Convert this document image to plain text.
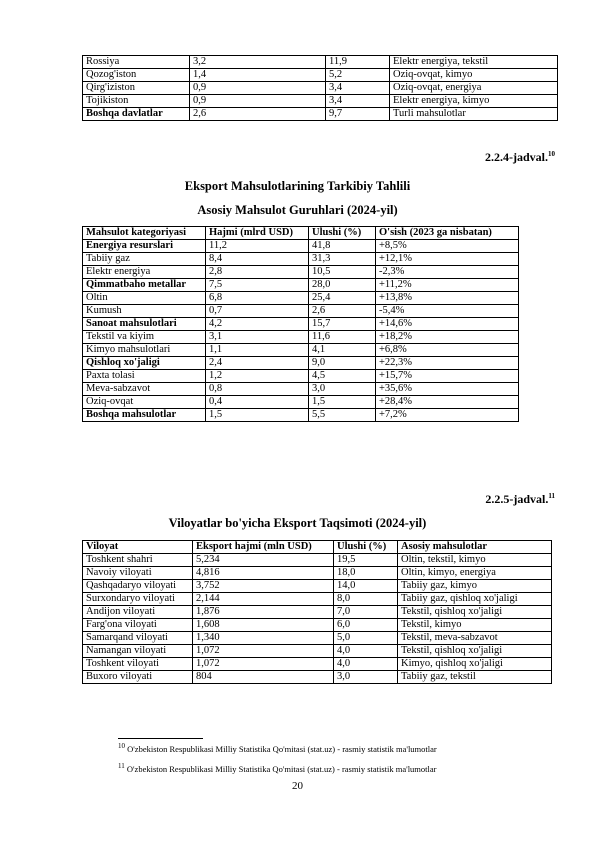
Rossiya	3,2	11,9	Elektr energiya, tekstil
Qozog'iston	1,4	5,2	Oziq-ovqat, kimyo
Qirg'iziston	0,9	3,4	Oziq-ovqat, energiya
Tojikiston	0,9	3,4	Elektr energiya, kimyo
Boshqa davlatlar	2,6	9,7	Turli mahsulotlar
2.2.4-jadval.$^{10}$
Eksport Mahsulotlarining Tarkibiy Tahlili
Asosiy Mahsulot Guruhlari (2024-yil)
Mahsulot kategoriyasi	Hajmi (mlrd USD)	Ulushi (%)	O'sish (2023 ga nisbatan)
Energiya resurslari	11,2	41,8	+8,5%
Tabiiy gaz	8,4	31,3	+12,1%
Elektr energiya	2,8	10,5	-2,3%
Qimmatbaho metallar	7,5	28,0	+11,2%
Oltin	6,8	25,4	+13,8%
Kumush	0,7	2,6	-5,4%
Sanoat mahsulotlari	4,2	15,7	+14,6%
Tekstil va kiyim	3,1	11,6	+18,2%
Kimyo mahsulotlari	1,1	4,1	+6,8%
Qishloq xo'jaligi	2,4	9,0	+22,3%
Paxta tolasi	1,2	4,5	+15,7%
Meva-sabzavot	0,8	3,0	+35,6%
Oziq-ovqat	0,4	1,5	+28,4%
Boshqa mahsulotlar	1,5	5,5	+7,2%
2.2.5-jadval.$^{11}$
Viloyatlar bo'yicha Eksport Taqsimoti (2024-yil)
Viloyat	Eksport hajmi (mln USD)	Ulushi (%)	Asosiy mahsulotlar
Toshkent shahri	5,234	19,5	Oltin, tekstil, kimyo
Navoiy viloyati	4,816	18,0	Oltin, kimyo, energiya
Qashqadaryo viloyati	3,752	14,0	Tabiiy gaz, kimyo
Surxondaryo viloyati	2,144	8,0	Tabiiy gaz, qishloq xo'jaligi
Andijon viloyati	1,876	7,0	Tekstil, qishloq xo'jaligi
Farg'ona viloyati	1,608	6,0	Tekstil, kimyo
Samarqand viloyati	1,340	5,0	Tekstil, meva-sabzavot
Namangan viloyati	1,072	4,0	Tekstil, qishloq xo'jaligi
Toshkent viloyati	1,072	4,0	Kimyo, qishloq xo'jaligi
Buxoro viloyati	804	3,0	Tabiiy gaz, tekstil
$^{10}$ O'zbekiston Respublikasi Milliy Statistika Qo'mitasi (stat.uz) - rasmiy statistik ma'lumotlar
$^{11}$ O'zbekiston Respublikasi Milliy Statistika Qo'mitasi (stat.uz) - rasmiy statistik ma'lumotlar
20
